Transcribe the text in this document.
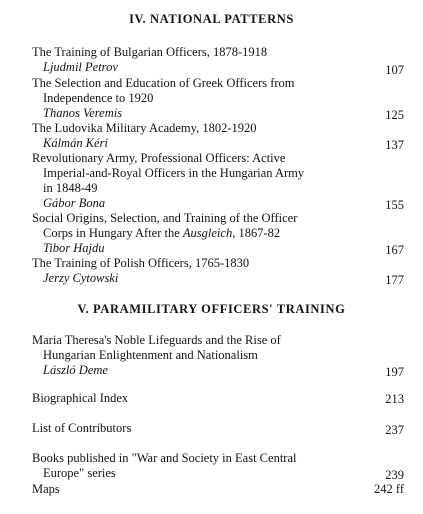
IV. NATIONAL PATTERNS
The Training of Bulgarian Officers, 1878-1918
Ljudmil Petrov	107
The Selection and Education of Greek Officers from
Independence to 1920
Thanos Veremis	125
The Ludovika Military Academy, 1802-1920
Kálmán Kéri	137
Revolutionary Army, Professional Officers: Active
Imperial-and-Royal Officers in the Hungarian Army
in 1848-49
Gábor Bona	155
Social Origins, Selection, and Training of the Officer
Corps in Hungary After the Ausgleich, 1867-82
Tibor Hajdu	167
The Training of Polish Officers, 1765-1830
Jerzy Cytowski	177
V. PARAMILITARY OFFICERS' TRAINING
Maria Theresa's Noble Lifeguards and the Rise of
Hungarian Enlightenment and Nationalism
László Deme	197
Biographical Index	213
List of Contributors	237
Books published in "War and Society in East Central
Europe" series	239
Maps	242 ff
